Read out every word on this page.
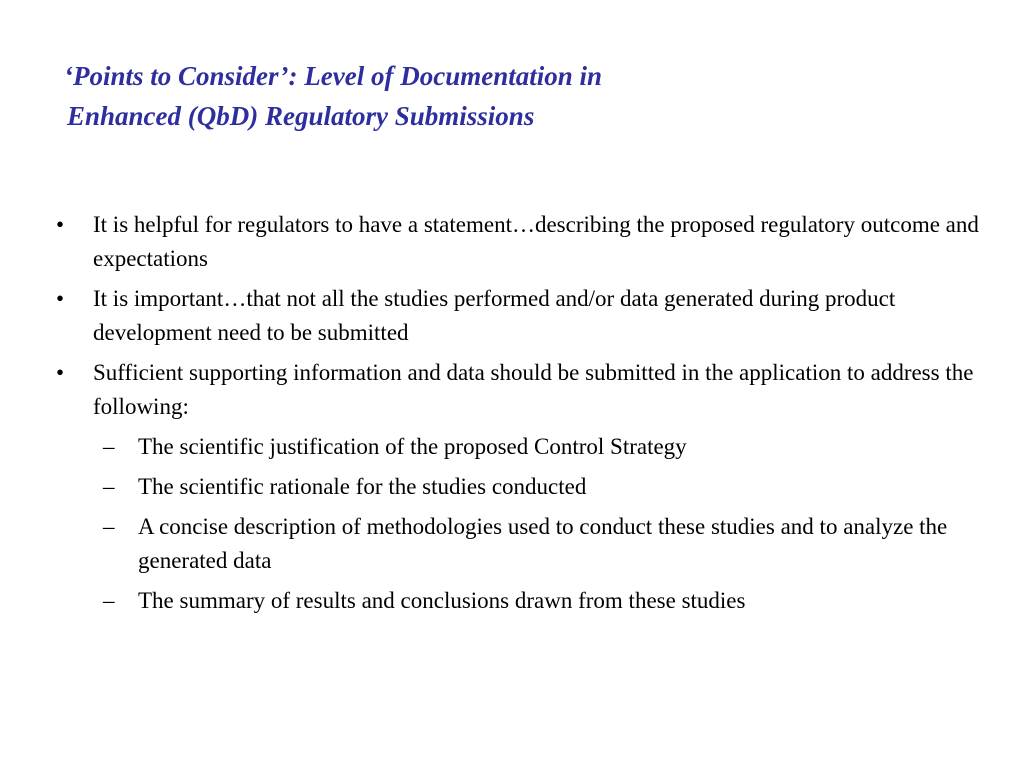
‘Points to Consider’: Level of Documentation in
Enhanced (QbD) Regulatory Submissions
• It is helpful for regulators to have a statement…describing the proposed regulatory outcome and expectations
• It is important…that not all the studies performed and/or data generated during product development need to be submitted
• Sufficient supporting information and data should be submitted in the application to address the following:
– The scientific justification of the proposed Control Strategy
– The scientific rationale for the studies conducted
– A concise description of methodologies used to conduct these studies and to analyze the generated data
– The summary of results and conclusions drawn from these studies
